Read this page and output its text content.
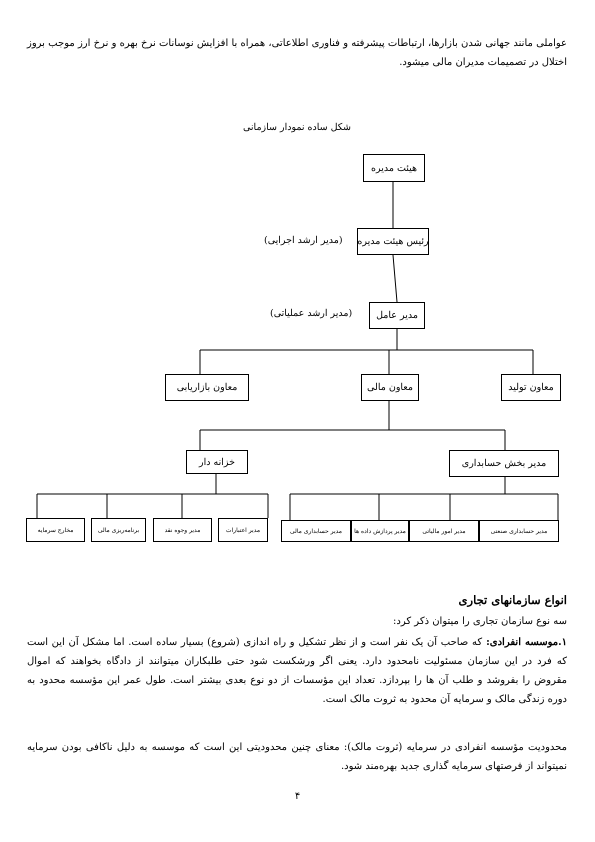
عواملی مانند جهانی شدن بازارها، ارتباطات پیشرفته و فناوری اطلاعاتی، همراه با افزایش نوسانات نرخ بهره و نرخ ارز موجب بروز اختلال در تصمیمات مدیران مالی میشود.

شکل ساده نمودار سازمانی
هیئت مدیره
رئیس هیئت مدیره
(مدیر ارشد اجرایی)
مدیر عامل
(مدیر ارشد عملیاتی)
معاون بازاریابی	معاون مالی	معاون تولید
خزانه دار	مدیر بخش حسابداری
مخارج سرمایه	برنامه‌ریزی مالی	مدیر وجوه نقد	مدیر اعتبارات	مدیر حسابداری مالی	مدیر پردازش داده ها	مدیر امور مالیاتی	مدیر حسابداری صنعتی
انواع سازمانهای تجاری

سه نوع سازمان تجاری را میتوان ذکر کرد:

۱.موسسه انفرادی: که صاحب آن یک نفر است و از نظر تشکیل و راه اندازی (شروع) بسیار ساده است. اما مشکل آن این است که فرد در این سازمان مسئولیت نامحدود دارد. یعنی اگر ورشکست شود حتی طلبکاران میتوانند از دادگاه بخواهند که اموال مقروض را بفروشد و طلب آن ها را بپردازد. تعداد این مؤسسات از دو نوع بعدی بیشتر است. طول عمر این مؤسسه محدود به دوره زندگی مالک و سرمایه آن محدود به ثروت مالک است.

محدودیت مؤسسه انفرادی در سرمایه (ثروت مالک): معنای چنین محدودیتی این است که موسسه به دلیل ناکافی بودن سرمایه نمیتواند از فرصتهای سرمایه گذاری جدید بهره‌مند شود.

۴
